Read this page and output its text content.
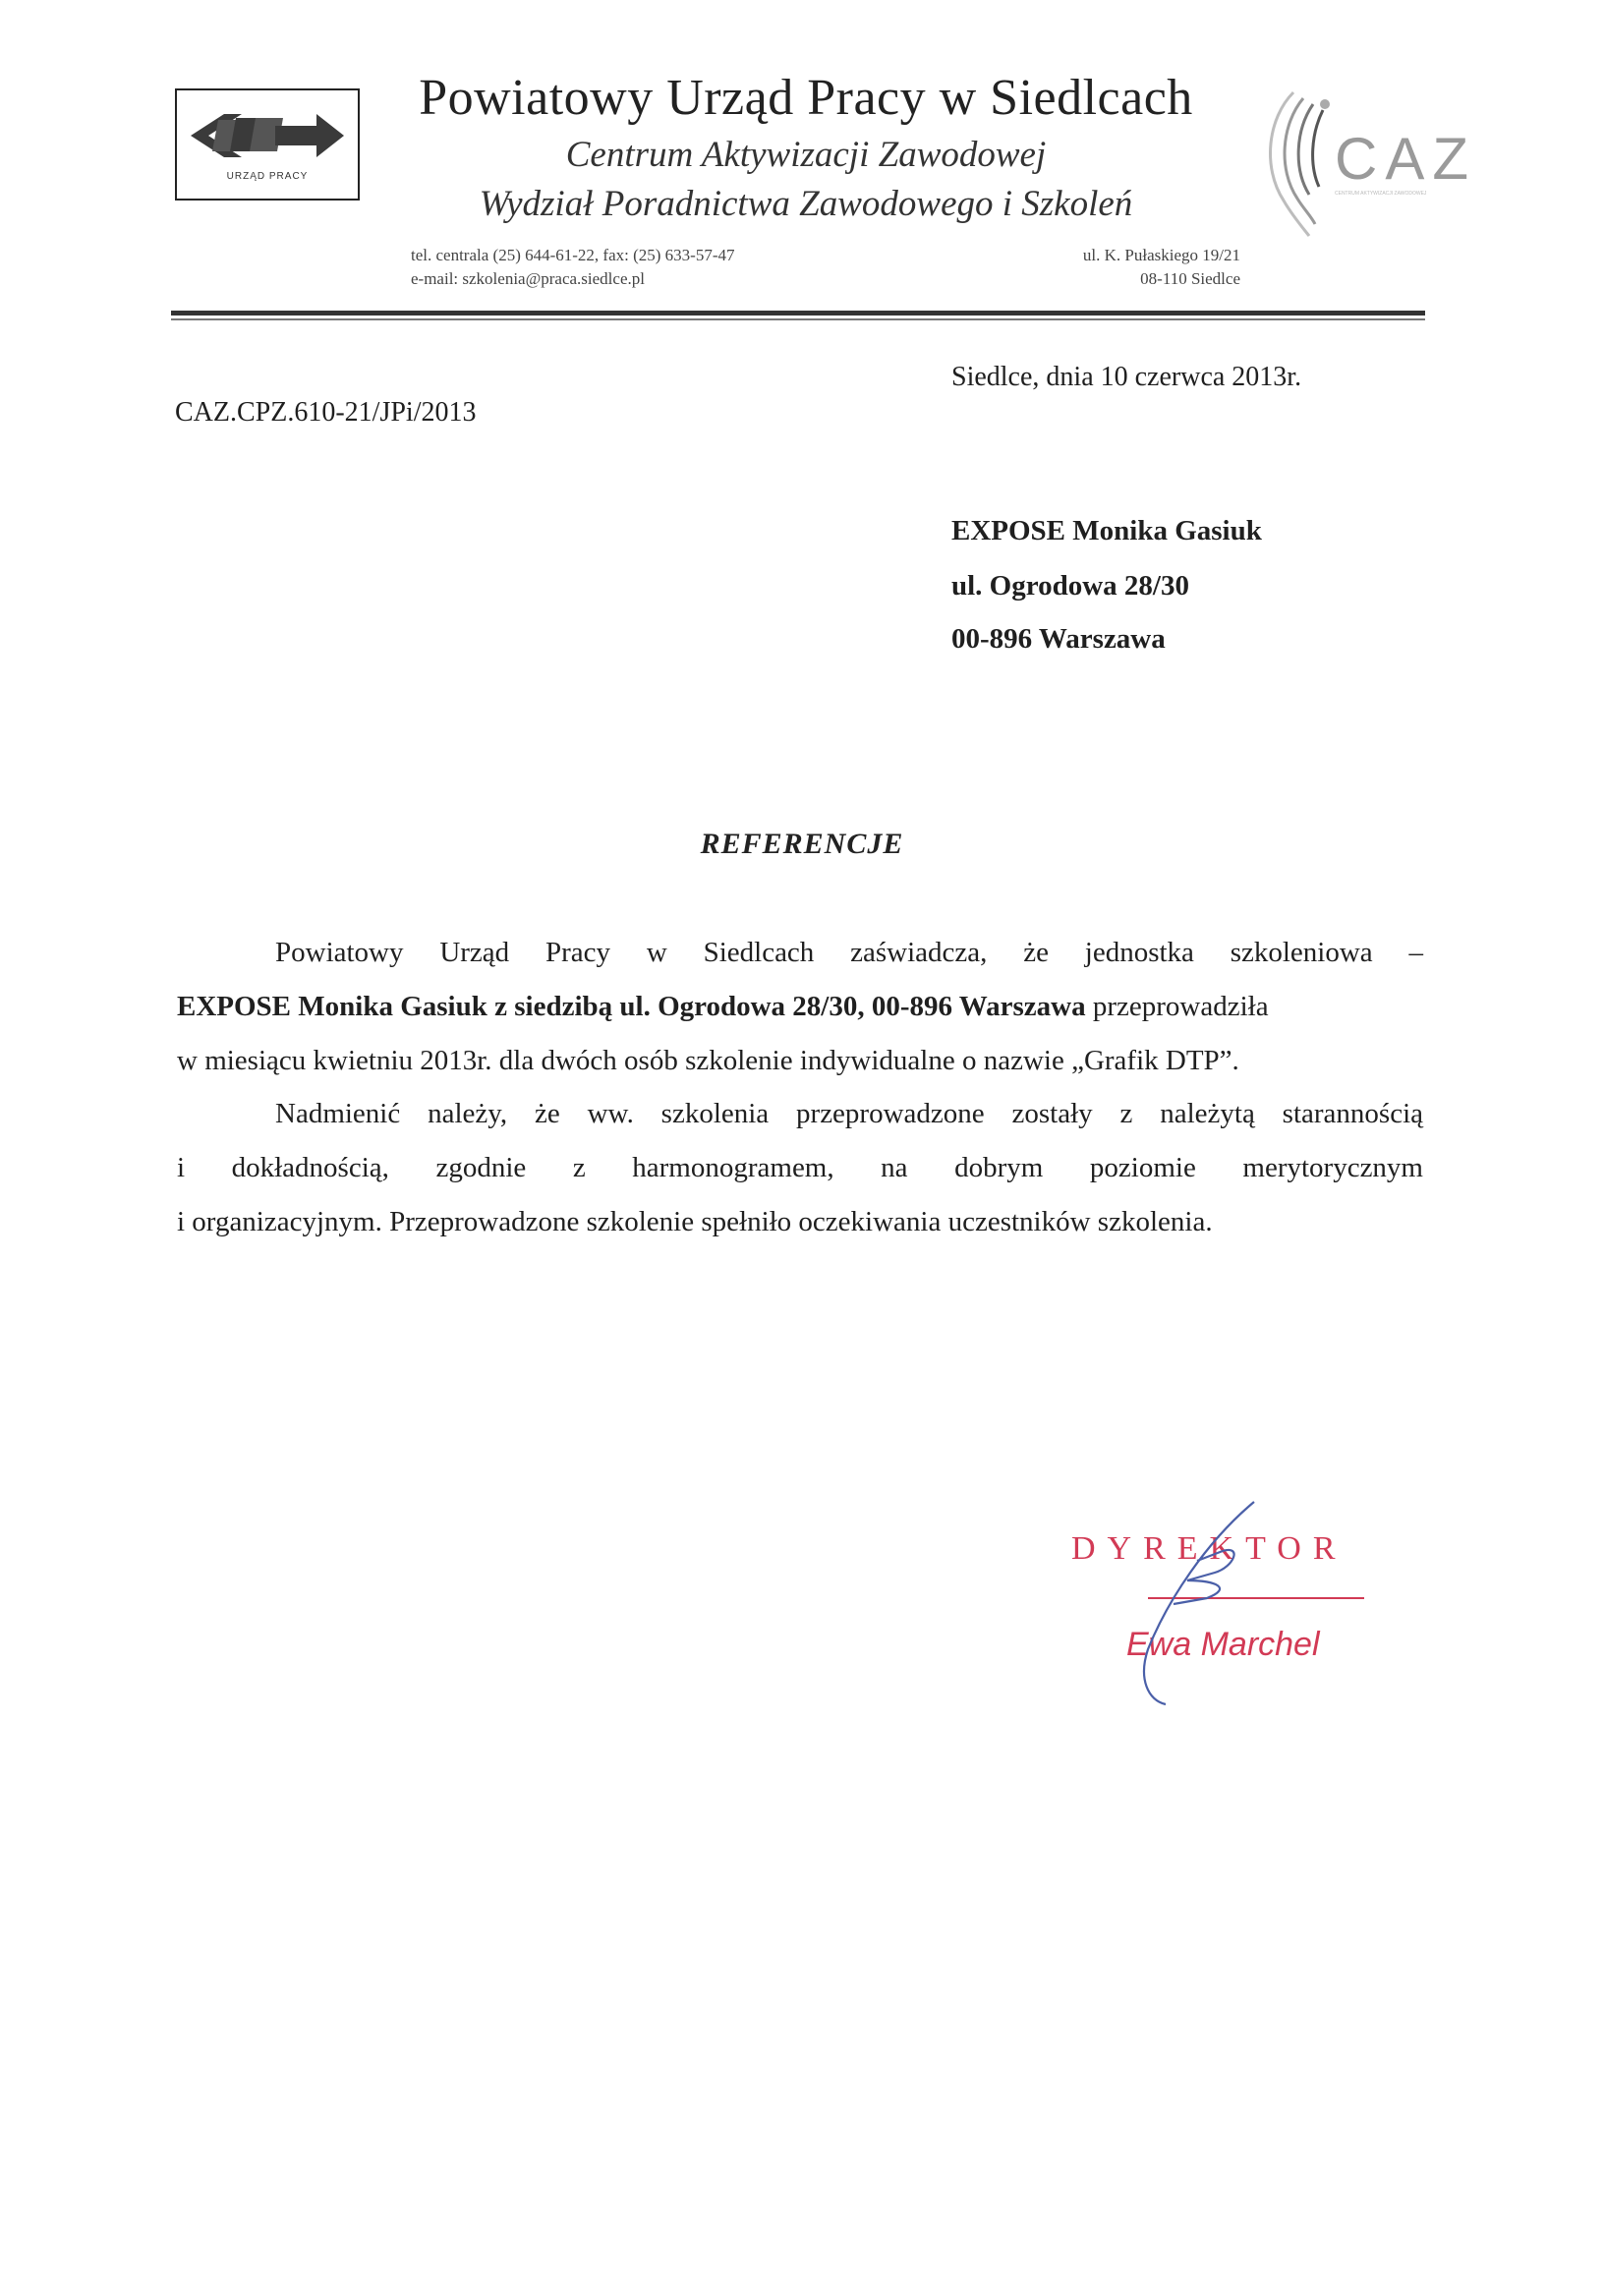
URZĄD PRACY
Powiatowy Urząd Pracy w Siedlcach
Centrum Aktywizacji Zawodowej
Wydział Poradnictwa Zawodowego i Szkoleń
tel. centrala (25) 644-61-22, fax: (25) 633-57-47
e-mail: szkolenia@praca.siedlce.pl
ul. K. Pułaskiego 19/21
08-110 Siedlce
CAZ
CENTRUM AKTYWIZACJI ZAWODOWEJ
Siedlce, dnia 10 czerwca 2013r.
CAZ.CPZ.610-21/JPi/2013
EXPOSE Monika Gasiuk
ul. Ogrodowa 28/30
00-896 Warszawa
REFERENCJE
Powiatowy Urząd Pracy w Siedlcach zaświadcza, że jednostka szkoleniowa –
EXPOSE Monika Gasiuk z siedzibą ul. Ogrodowa 28/30, 00-896 Warszawa przeprowadziła
w miesiącu kwietniu 2013r. dla dwóch osób szkolenie indywidualne o nazwie „Grafik DTP”.
Nadmienić należy, że ww. szkolenia przeprowadzone zostały z należytą starannością
i dokładnością, zgodnie z harmonogramem, na dobrym poziomie merytorycznym
i organizacyjnym. Przeprowadzone szkolenie spełniło oczekiwania uczestników szkolenia.
DYREKTOR
Ewa Marchel
